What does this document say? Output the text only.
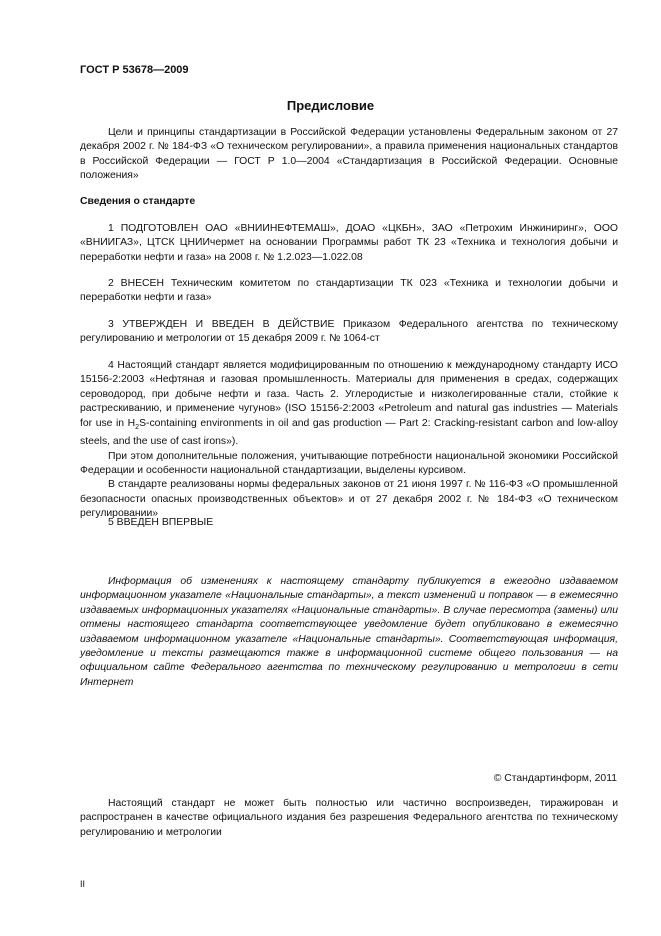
ГОСТ Р 53678—2009
Предисловие

Цели и принципы стандартизации в Российской Федерации установлены Федеральным законом от 27 декабря 2002 г. № 184-ФЗ «О техническом регулировании», а правила применения национальных стандартов в Российской Федерации — ГОСТ Р 1.0—2004 «Стандартизация в Российской Федерации. Основные положения»

Сведения о стандарте

1 ПОДГОТОВЛЕН ОАО «ВНИИНЕФТЕМАШ», ДОАО «ЦКБН», ЗАО «Петрохим Инжиниринг», ООО «ВНИИГАЗ», ЦТСК ЦНИИчермет на основании Программы работ ТК 23 «Техника и технология добычи и переработки нефти и газа» на 2008 г. № 1.2.023—1.022.08

2 ВНЕСЕН Техническим комитетом по стандартизации ТК 023 «Техника и технологии добычи и переработки нефти и газа»

3 УТВЕРЖДЕН И ВВЕДЕН В ДЕЙСТВИЕ Приказом Федерального агентства по техническому регулированию и метрологии от 15 декабря 2009 г. № 1064-ст

4 Настоящий стандарт является модифицированным по отношению к международному стандарту ИСО 15156-2:2003 «Нефтяная и газовая промышленность. Материалы для применения в средах, содержащих сероводород, при добыче нефти и газа. Часть 2. Углеродистые и низколегированные стали, стойкие к растрескиванию, и применение чугунов» (ISO 15156-2:2003 «Petroleum and natural gas industries — Materials for use in $H_2S$-containing environments in oil and gas production — Part 2: Cracking-resistant carbon and low-alloy steels, and the use of cast irons»).

При этом дополнительные положения, учитывающие потребности национальной экономики Российской Федерации и особенности национальной стандартизации, выделены курсивом.

В стандарте реализованы нормы федеральных законов от 21 июня 1997 г. № 116-ФЗ «О промышленной безопасности опасных производственных объектов» и от 27 декабря 2002 г. № 184-ФЗ «О техническом регулировании»

5 ВВЕДЕН ВПЕРВЫЕ

Информация об изменениях к настоящему стандарту публикуется в ежегодно издаваемом информационном указателе «Национальные стандарты», а текст изменений и поправок — в ежемесячно издаваемых информационных указателях «Национальные стандарты». В случае пересмотра (замены) или отмены настоящего стандарта соответствующее уведомление будет опубликовано в ежемесячно издаваемом информационном указателе «Национальные стандарты». Соответствующая информация, уведомление и тексты размещаются также в информационной системе общего пользования — на официальном сайте Федерального агентства по техническому регулированию и метрологии в сети Интернет

© Стандартинформ, 2011

Настоящий стандарт не может быть полностью или частично воспроизведен, тиражирован и распространен в качестве официального издания без разрешения Федерального агентства по техническому регулированию и метрологии

II
